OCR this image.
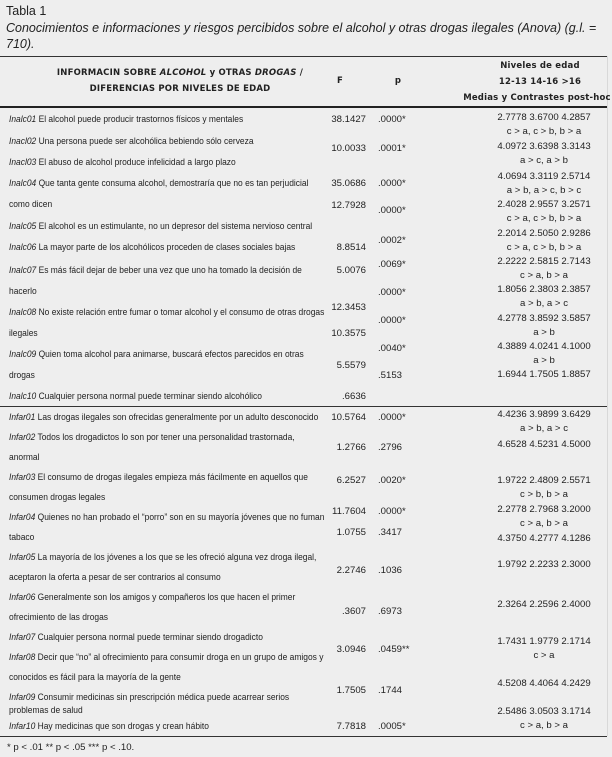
Tabla 1
Conocimientos e informaciones y riesgos percibidos sobre el alcohol y otras drogas ilegales (Anova) (g.l. = 710).
INFORMACIN SOBRE ALCOHOL y OTRAS DROGAS /
DIFERENCIAS POR NIVELES DE EDAD
F	p
Niveles de edad
12-13 14-16 >16
Medias y Contrastes post-hoc
Inalc01 El alcohol puede producir trastornos físicos y mentales
Inacl02 Una persona puede ser alcohólica bebiendo sólo cerveza
Inacl03 El abuso de alcohol produce infelicidad a largo plazo
Inalc04 Que tanta gente consuma alcohol, demostraría que no es tan perjudicial
como dicen
Inalc05 El alcohol es un estimulante, no un depresor del sistema nervioso central
Inalc06 La mayor parte de los alcohólicos proceden de clases sociales bajas
Inalc07 Es más fácil dejar de beber una vez que uno ha tomado la decisión de
hacerlo
Inalc08 No existe relación entre fumar o tomar alcohol y el consumo de otras drogas
ilegales
Inalc09 Quien toma alcohol para animarse, buscará efectos parecidos en otras
drogas
Inalc10 Cualquier persona normal puede terminar siendo alcohólico
Infar01 Las drogas ilegales son ofrecidas generalmente por un adulto desconocido
Infar02 Todos los drogadictos lo son por tener una personalidad trastornada,
anormal
Infar03 El consumo de drogas ilegales empieza más fácilmente en aquellos que
consumen drogas legales
Infar04 Quienes no han probado el “porro” son en su mayoría jóvenes que no fuman
tabaco
Infar05 La mayoría de los jóvenes a los que se les ofreció alguna vez droga ilegal,
aceptaron la oferta a pesar de ser contrarios al consumo
Infar06 Generalmente son los amigos y compañeros los que hacen el primer
ofrecimiento de las drogas
Infar07 Cualquier persona normal puede terminar siendo drogadicto
Infar08 Decir que “no” al ofrecimiento para consumir droga en un grupo de amigos y
conocidos es fácil para la mayoría de la gente
Infar09 Consumir medicinas sin prescripción médica puede acarrear serios
problemas de salud
Infar10 Hay medicinas que son drogas y crean hábito
38.1427
10.0033
35.0686
12.7928
8.8514
5.0076
12.3453
10.3575
5.5579
.6636
10.5764
1.2766
6.2527
11.7604
1.0755
2.2746
.3607
3.0946
1.7505
7.7818
.0000*
.0001*
.0000*
.0000*
.0002*
.0069*
.0000*
.0000*
.0040*
.5153
.0000*
.2796
.0020*
.0000*
.3417
.1036
.6973
.0459**
.1744
.0005*
2.7778 3.6700 4.2857
c > a, c > b, b > a
4.0972 3.6398 3.3143
a > c, a > b
4.0694 3.3119 2.5714
a > b, a > c, b > c
2.4028 2.9557 3.2571
c > a, c > b, b > a
2.2014 2.5050 2.9286
c > a, c > b, b > a
2.2222 2.5815 2.7143
c > a, b > a
1.8056 2.3803 2.3857
a > b, a > c
4.2778 3.8592 3.5857
a > b
4.3889 4.0241 4.1000
a > b
1.6944 1.7505 1.8857
4.4236 3.9899 3.6429
a > b, a > c
4.6528 4.5231 4.5000
1.9722 2.4809 2.5571
c > b, b > a
2.2778 2.7968 3.2000
c > a, b > a
4.3750 4.2777 4.1286
1.9792 2.2233 2.3000
2.3264 2.2596 2.4000
1.7431 1.9779 2.1714
c > a
4.5208 4.4064 4.2429
2.5486 3.0503 3.1714
c > a, b > a
* p < .01 ** p < .05 *** p < .10.
